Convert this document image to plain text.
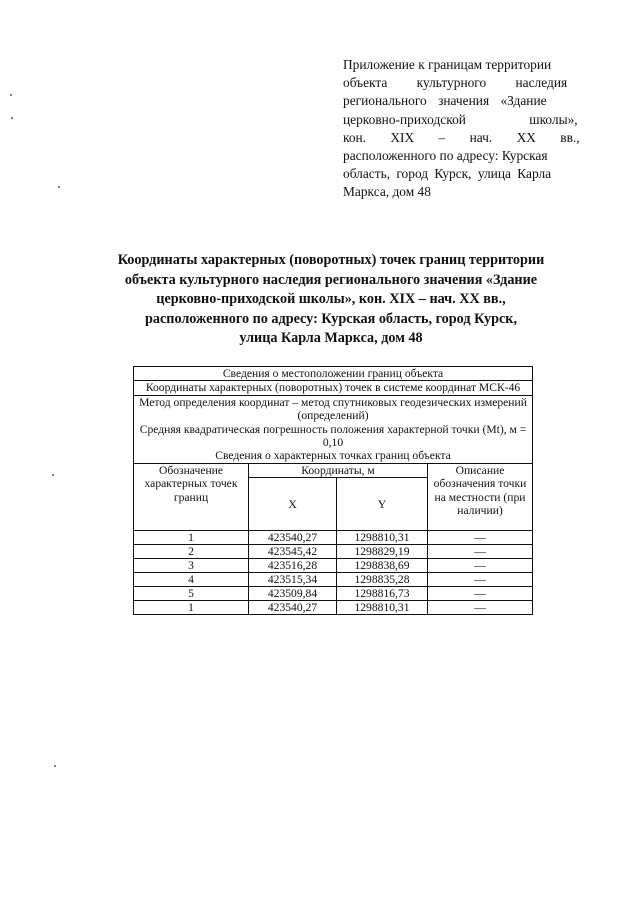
Приложение к границам территории
объекта культурного наследия
регионального значения «Здание
церковно-приходской школы»,
кон. XIX – нач. XX вв.,
расположенного по адресу: Курская
область, город Курск, улица Карла
Маркса, дом 48
Координаты характерных (поворотных) точек границ территории
объекта культурного наследия регионального значения «Здание
церковно-приходской школы», кон. XIX – нач. XX вв.,
расположенного по адресу: Курская область, город Курск,
улица Карла Маркса, дом 48
Сведения о местоположении границ объекта			
Координаты характерных (поворотных) точек в системе координат МСК-46			

Метод определения координат – метод спутниковых геодезических измерений (определений)
Средняя квадратическая погрешность положения характерной точки (Mt), м = 0,10
Сведения о характерных точках границ объекта			

Обозначение характерных точек границ	Координаты, м		Описание обозначения точки на местности (при наличии)
	X	Y	
1	423540,27	1298810,31	—
2	423545,42	1298829,19	—
3	423516,28	1298838,69	—
4	423515,34	1298835,28	—
5	423509,84	1298816,73	—
1	423540,27	1298810,31	—
